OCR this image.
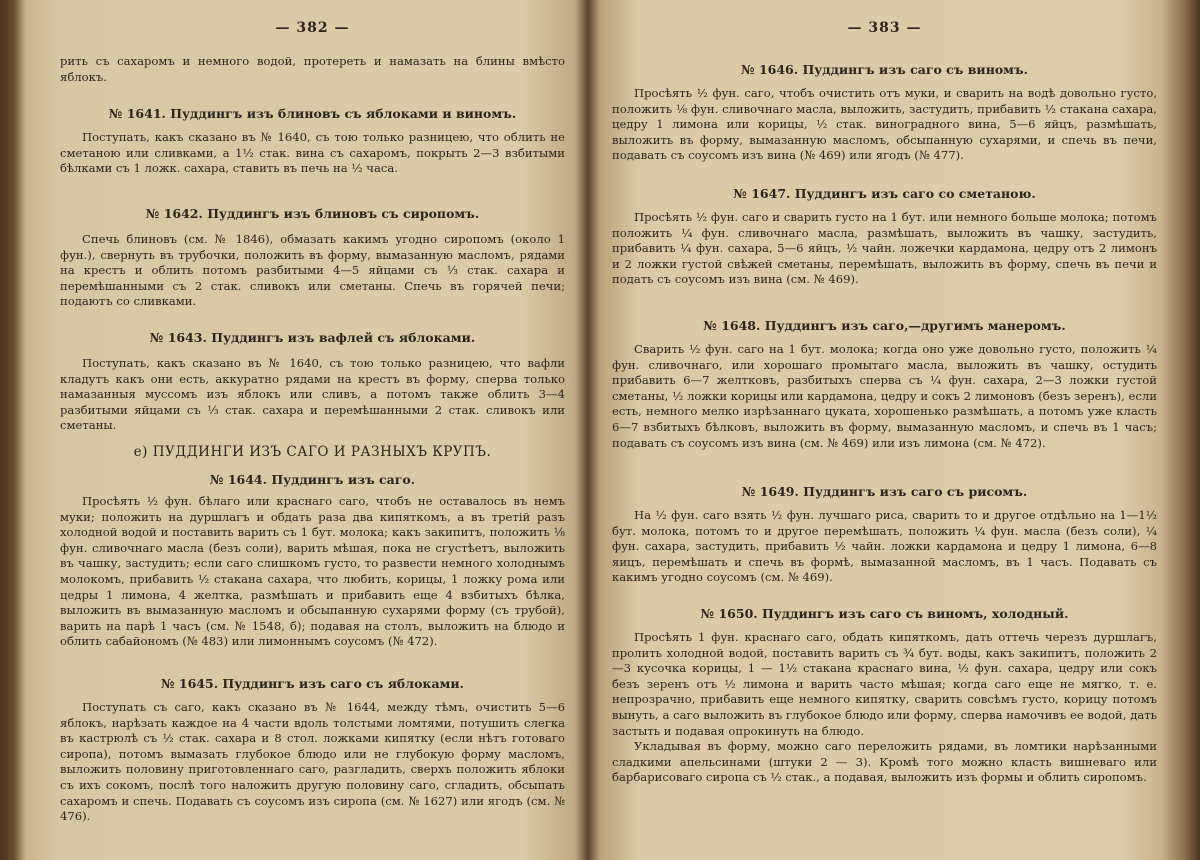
— 382 —

рить съ сахаромъ и немного водой, протереть и намазать на блины вмѣсто яблокъ.

№ 1641. Пуддингъ изъ блиновъ съ яблоками и виномъ.

Поступать, какъ сказано въ № 1640, съ тою только разницею, что облить не сметаною или сливками, а 1½ стак. вина съ сахаромъ, покрыть 2—3 взбитыми бѣлками съ 1 ложк. сахара, ставить въ печь на ½ часа.

№ 1642. Пуддингъ изъ блиновъ съ сиропомъ.

Спечь блиновъ (см. № 1846), обмазать какимъ угодно сиропомъ (около 1 фун.), свернуть въ трубочки, положить въ форму, вымазанную масломъ, рядами на крестъ и облить потомъ разбитыми 4—5 яйцами съ ⅓ стак. сахара и перемѣшанными съ 2 стак. сливокъ или сметаны. Спечь въ горячей печи; подаютъ со сливками.

№ 1643. Пуддингъ изъ вафлей съ яблоками.

Поступать, какъ сказано въ № 1640, съ тою только разницею, что вафли кладутъ какъ они есть, аккуратно рядами на крестъ въ форму, сперва только намазанныя муссомъ изъ яблокъ или сливъ, а потомъ также облить 3—4 разбитыми яйцами съ ⅓ стак. сахара и перемѣшанными 2 стак. сливокъ или сметаны.

е) ПУДДИНГИ ИЗЪ САГО И РАЗНЫХЪ КРУПЪ.
№ 1644. Пуддингъ изъ саго.

Просѣять ½ фун. бѣлаго или краснаго саго, чтобъ не оставалось въ немъ муки; положить на дуршлагъ и обдать раза два кипяткомъ, а въ третій разъ холодной водой и поставить варить съ 1 бут. молока; какъ закипитъ, положить ⅛ фун. сливочнаго масла (безъ соли), варить мѣшая, пока не сгустѣетъ, выложить въ чашку, застудить; если саго слишкомъ густо, то развести немного холоднымъ молокомъ, прибавить ½ стакана сахара, что любить, корицы, 1 ложку рома или цедры 1 лимона, 4 желтка, размѣшать и прибавить еще 4 взбитыхъ бѣлка, выложить въ вымазанную масломъ и обсыпанную сухарями форму (съ трубой), варить на парѣ 1 часъ (см. № 1548, б); подавая на столъ, выложить на блюдо и облить сабайономъ (№ 483) или лимоннымъ соусомъ (№ 472).

№ 1645. Пуддингъ изъ саго съ яблоками.

Поступать съ саго, какъ сказано въ № 1644, между тѣмъ, очистить 5—6 яблокъ, нарѣзать каждое на 4 части вдоль толстыми ломтями, потушить слегка въ кастрюлѣ съ ½ стак. сахара и 8 стол. ложками кипятку (если нѣтъ готоваго сиропа), потомъ вымазать глубокое блюдо или не глубокую форму масломъ, выложить половину приготовленнаго саго, разгладить, сверхъ положить яблоки съ ихъ сокомъ, послѣ того наложить другую половину саго, сгладить, обсыпать сахаромъ и спечь. Подавать съ соусомъ изъ сиропа (см. № 1627) или ягодъ (см. № 476).

— 383 —
№ 1646. Пуддингъ изъ саго съ виномъ.

Просѣять ½ фун. саго, чтобъ очистить отъ муки, и сварить на водѣ довольно густо, положить ⅛ фун. сливочнаго масла, выложить, застудить, прибавить ½ стакана сахара, цедру 1 лимона или корицы, ½ стак. виноградного вина, 5—6 яйцъ, размѣшать, выложить въ форму, вымазанную масломъ, обсыпанную сухарями, и спечь въ печи, подавать съ соусомъ изъ вина (№ 469) или ягодъ (№ 477).

№ 1647. Пуддингъ изъ саго со сметаною.

Просѣять ½ фун. саго и сварить густо на 1 бут. или немного больше молока; потомъ положить ¼ фун. сливочнаго масла, размѣшать, выложить въ чашку, застудить, прибавить ¼ фун. сахара, 5—6 яйцъ, ½ чайн. ложечки кардамона, цедру отъ 2 лимонъ и 2 ложки густой свѣжей сметаны, перемѣшать, выложить въ форму, спечь въ печи и подать съ соусомъ изъ вина (см. № 469).

№ 1648. Пуддингъ изъ саго,—другимъ манеромъ.

Сварить ½ фун. саго на 1 бут. молока; когда оно уже довольно густо, положить ¼ фун. сливочнаго, или хорошаго промытаго масла, выложить въ чашку, остудить прибавить 6—7 желтковъ, разбитыхъ сперва съ ¼ фун. сахара, 2—3 ложки густой сметаны, ½ ложки корицы или кардамона, цедру и сокъ 2 лимоновъ (безъ зеренъ), если есть, немного мелко изрѣзаннаго цуката, хорошенько размѣшать, а потомъ уже класть 6—7 взбитыхъ бѣлковъ, выложить въ форму, вымазанную масломъ, и спечь въ 1 часъ; подавать съ соусомъ изъ вина (см. № 469) или изъ лимона (см. № 472).

№ 1649. Пуддингъ изъ саго съ рисомъ.

На ½ фун. саго взять ½ фун. лучшаго риса, сварить то и другое отдѣльно на 1—1½ бут. молока, потомъ то и другое перемѣшать, положить ¼ фун. масла (безъ соли), ¼ фун. сахара, застудить, прибавить ½ чайн. ложки кардамона и цедру 1 лимона, 6—8 яицъ, перемѣшать и спечь въ формѣ, вымазанной масломъ, въ 1 часъ. Подавать съ какимъ угодно соусомъ (см. № 469).

№ 1650. Пуддингъ изъ саго съ виномъ, холодный.

Просѣять 1 фун. краснаго саго, обдать кипяткомъ, дать оттечь черезъ дуршлагъ, пролить холодной водой, поставить варить съ ¾ бут. воды, какъ закипитъ, положить 2—3 кусочка корицы, 1 — 1½ стакана краснаго вина, ½ фун. сахара, цедру или сокъ безъ зеренъ отъ ½ лимона и варить часто мѣшая; когда саго еще не мягко, т. е. непрозрачно, прибавить еще немного кипятку, сварить совсѣмъ густо, корицу потомъ вынуть, а саго выложить въ глубокое блюдо или форму, сперва намочивъ ее водой, дать застыть и подавая опрокинуть на блюдо.

Укладывая въ форму, можно саго переложить рядами, въ ломтики нарѣзанными сладкими апельсинами (штуки 2 — 3). Кромѣ того можно класть вишневаго или барбарисоваго сиропа съ ½ стак., а подавая, выложить изъ формы и облить сиропомъ.
